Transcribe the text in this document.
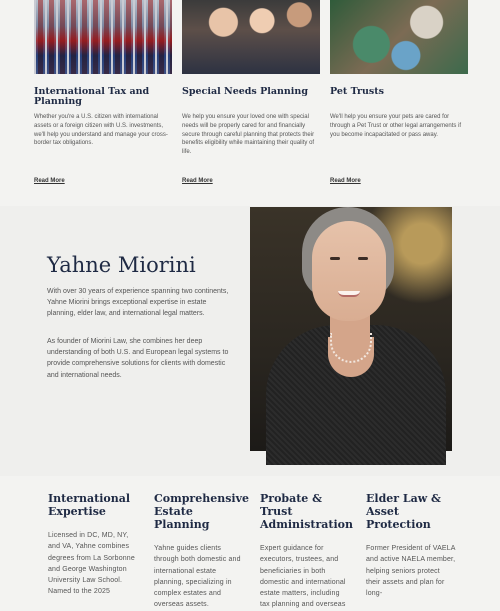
International Tax and Planning

Whether you're a U.S. citizen with international assets or a foreign citizen with U.S. investments, we'll help you understand and manage your cross-border tax obligations.

Read More
Special Needs Planning

We help you ensure your loved one with special needs will be properly cared for and financially secure through careful planning that protects their benefits eligibility while maintaining their quality of life.

Read More
Pet Trusts

We'll help you ensure your pets are cared for through a Pet Trust or other legal arrangements if you become incapacitated or pass away.

Read More
Yahne Miorini

With over 30 years of experience spanning two continents, Yahne Miorini brings exceptional expertise in estate planning, elder law, and international legal matters.

As founder of Miorini Law, she combines her deep understanding of both U.S. and European legal systems to provide comprehensive solutions for clients with domestic and international needs.

International Expertise

Licensed in DC, MD, NY, and VA, Yahne combines degrees from La Sorbonne and George Washington University Law School. Named to the 2025

Comprehensive Estate Planning

Yahne guides clients through both domestic and international estate planning, specializing in complex estates and overseas assets.

Probate & Trust Administration

Expert guidance for executors, trustees, and beneficiaries in both domestic and international estate matters, including tax planning and overseas

Elder Law & Asset Protection

Former President of VAELA and active NAELA member, helping seniors protect their assets and plan for long-
